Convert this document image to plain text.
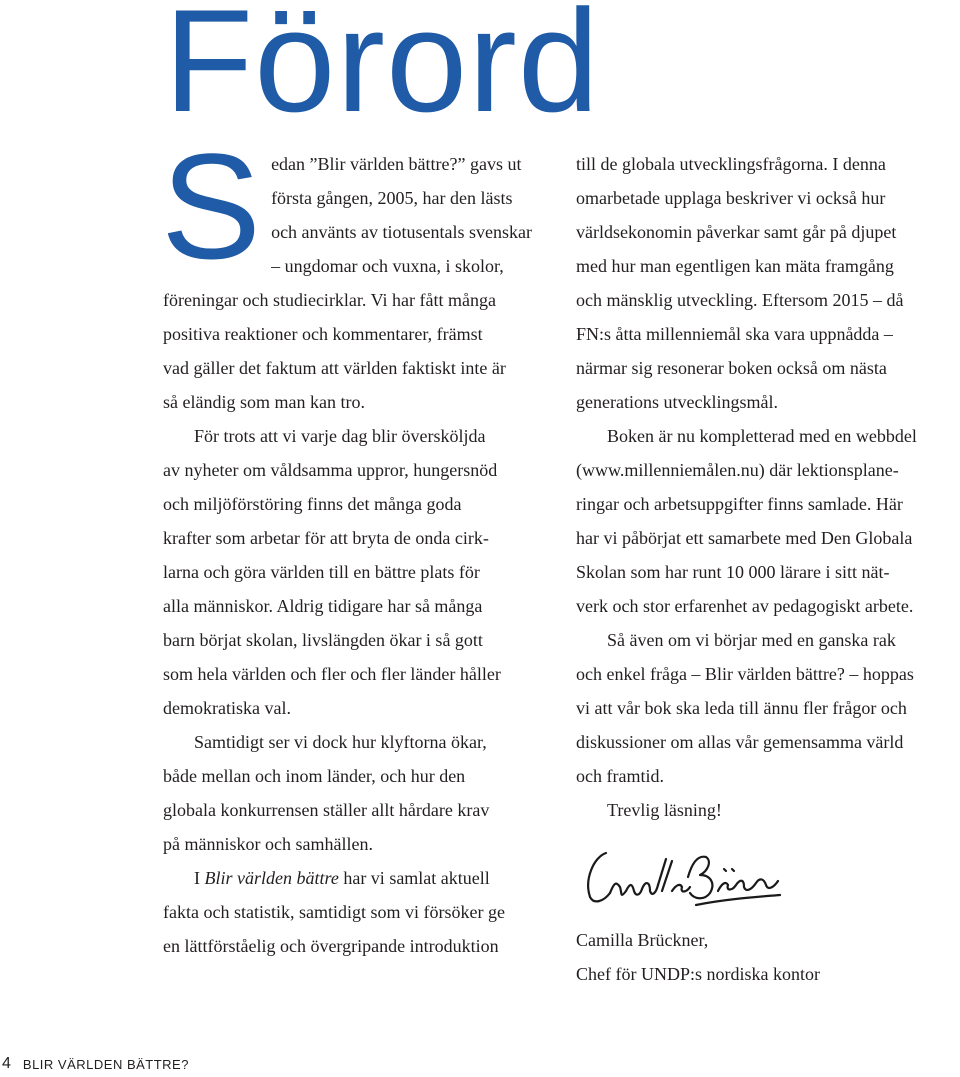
Förord

S edan ”Blir världen bättre?” gavs ut
första gången, 2005, har den lästs
och använts av tiotusentals svenskar
– ungdomar och vuxna, i skolor,
föreningar och studiecirklar. Vi har fått många
positiva reaktioner och kommentarer, främst
vad gäller det faktum att världen faktiskt inte är
så eländig som man kan tro.

För trots att vi varje dag blir översköljda
av nyheter om våldsamma uppror, hungersnöd
och miljöförstöring finns det många goda
krafter som arbetar för att bryta de onda cirk-
larna och göra världen till en bättre plats för
alla människor. Aldrig tidigare har så många
barn börjat skolan, livslängden ökar i så gott
som hela världen och fler och fler länder håller
demokratiska val.

Samtidigt ser vi dock hur klyftorna ökar,
både mellan och inom länder, och hur den
globala konkurrensen ställer allt hårdare krav
på människor och samhällen.

I Blir världen bättre har vi samlat aktuell
fakta och statistik, samtidigt som vi försöker ge
en lättförståelig och övergripande introduktion

till de globala utvecklingsfrågorna. I denna
omarbetade upplaga beskriver vi också hur
världsekonomin påverkar samt går på djupet
med hur man egentligen kan mäta framgång
och mänsklig utveckling. Eftersom 2015 – då
FN:s åtta millenniemål ska vara uppnådda –
närmar sig resonerar boken också om nästa
generations utvecklingsmål.

Boken är nu kompletterad med en webbdel
(www.millenniemålen.nu) där lektionsplane-
ringar och arbetsuppgifter finns samlade. Här
har vi påbörjat ett samarbete med Den Globala
Skolan som har runt 10 000 lärare i sitt nät-
verk och stor erfarenhet av pedagogiskt arbete.

Så även om vi börjar med en ganska rak
och enkel fråga – Blir världen bättre? – hoppas
vi att vår bok ska leda till ännu fler frågor och
diskussioner om allas vår gemensamma värld
och framtid.

Trevlig läsning!

Camilla Brückner,
Chef för UNDP:s nordiska kontor

4 BLIR VÄRLDEN BÄTTRE?
